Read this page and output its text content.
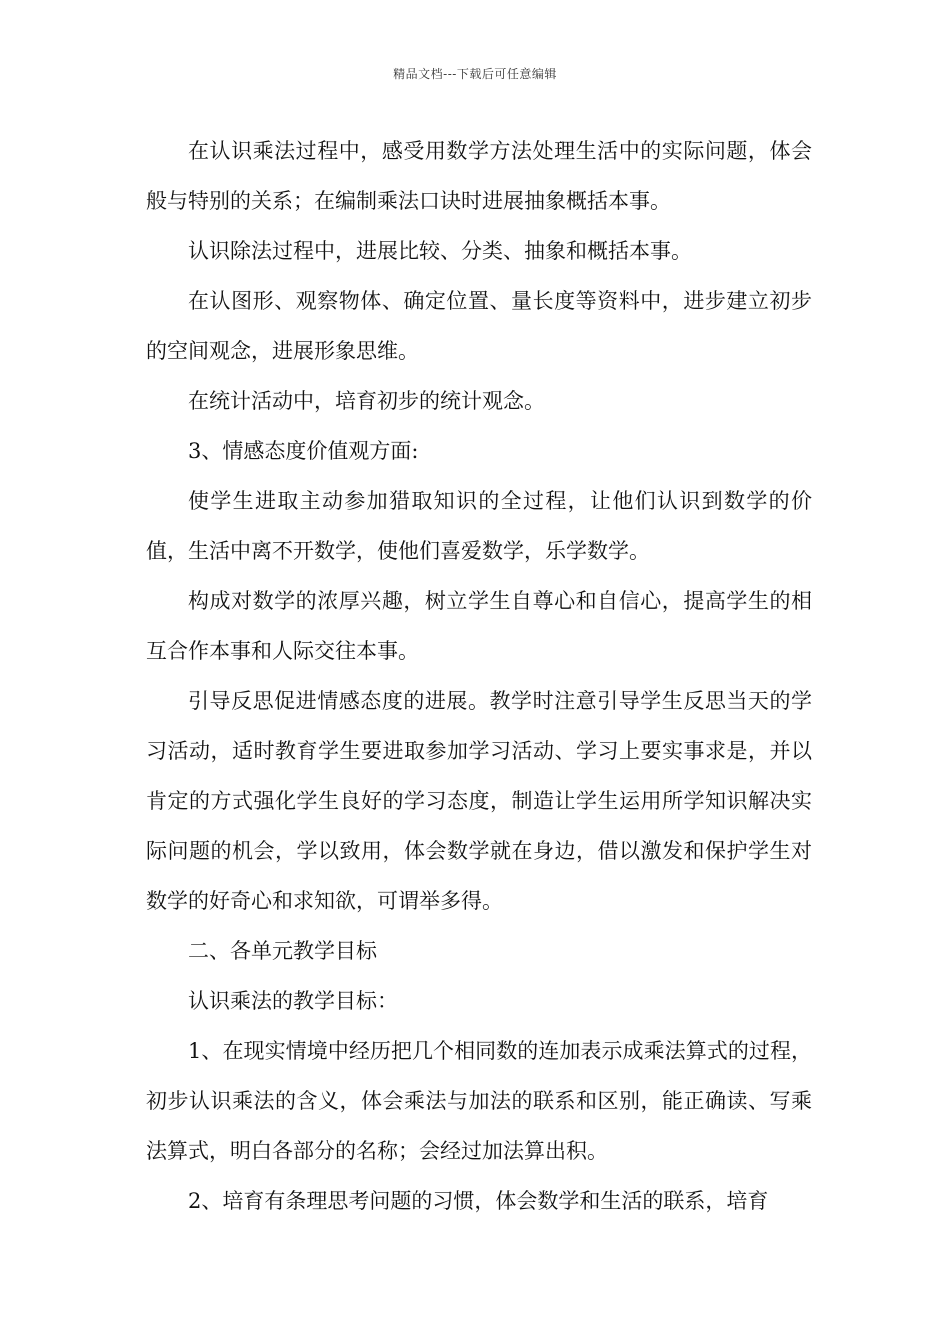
精品文档---下载后可任意编辑

在认识乘法过程中，感受用数学方法处理生活中的实际问题，体会般与特别的关系；在编制乘法口诀时进展抽象概括本事。

认识除法过程中，进展比较、分类、抽象和概括本事。

在认图形、观察物体、确定位置、量长度等资料中，进步建立初步的空间观念，进展形象思维。

在统计活动中，培育初步的统计观念。

3、情感态度价值观方面:

使学生进取主动参加猎取知识的全过程，让他们认识到数学的价值，生活中离不开数学，使他们喜爱数学，乐学数学。

构成对数学的浓厚兴趣，树立学生自尊心和自信心，提高学生的相互合作本事和人际交往本事。

引导反思促进情感态度的进展。教学时注意引导学生反思当天的学习活动，适时教育学生要进取参加学习活动、学习上要实事求是，并以肯定的方式强化学生良好的学习态度，制造让学生运用所学知识解决实际问题的机会，学以致用，体会数学就在身边，借以激发和保护学生对数学的好奇心和求知欲，可谓举多得。

二、各单元教学目标

认识乘法的教学目标：

1、在现实情境中经历把几个相同数的连加表示成乘法算式的过程，初步认识乘法的含义，体会乘法与加法的联系和区别，能正确读、写乘法算式，明白各部分的名称；会经过加法算出积。

2、培育有条理思考问题的习惯，体会数学和生活的联系，培育
